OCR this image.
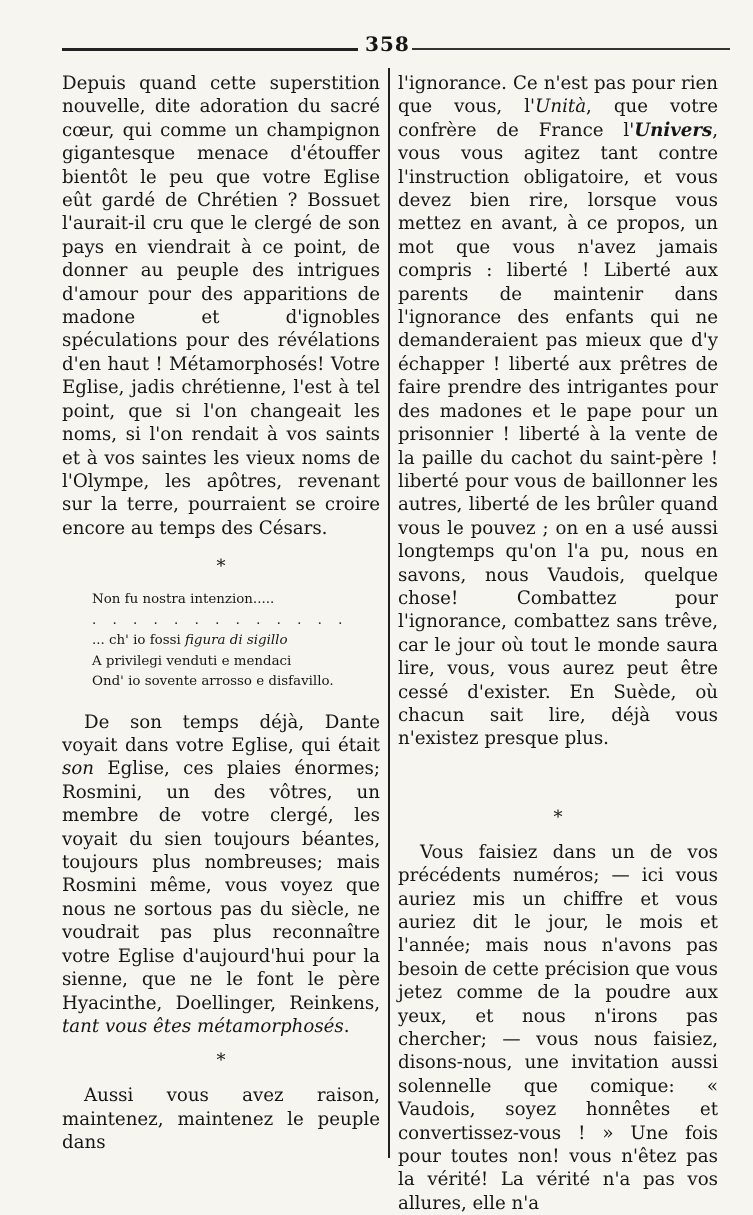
358

Depuis quand cette superstition nouvelle, dite adoration du sacré cœur, qui comme un champignon gigantesque menace d'étouffer bientôt le peu que votre Eglise eût gardé de Chrétien ? Bossuet l'aurait-il cru que le clergé de son pays en viendrait à ce point, de donner au peuple des intrigues d'amour pour des apparitions de madone et d'ignobles spéculations pour des révélations d'en haut ! Métamorphosés! Votre Eglise, jadis chrétienne, l'est à tel point, que si l'on changeait les noms, si l'on rendait à vos saints et à vos saintes les vieux noms de l'Olympe, les apôtres, revenant sur la terre, pourraient se croire encore au temps des Césars.

*
Non fu nostra intenzion.....
. . . . . . . . . . . . .
... ch' io fossi figura di sigillo
A privilegi venduti e mendaci
Ond' io sovente arrosso e disfavillo.

De son temps déjà, Dante voyait dans votre Eglise, qui était son Eglise, ces plaies énormes; Rosmini, un des vôtres, un membre de votre clergé, les voyait du sien toujours béantes, toujours plus nombreuses; mais Rosmini même, vous voyez que nous ne sortous pas du siècle, ne voudrait pas plus reconnaître votre Eglise d'aujourd'hui pour la sienne, que ne le font le père Hyacinthe, Doellinger, Reinkens, tant vous êtes métamorphosés.

*

Aussi vous avez raison, maintenez, maintenez le peuple dans

l'ignorance. Ce n'est pas pour rien que vous, l'Unità, que votre confrère de France l'Univers, vous vous agitez tant contre l'instruction obligatoire, et vous devez bien rire, lorsque vous mettez en avant, à ce propos, un mot que vous n'avez jamais compris : liberté ! Liberté aux parents de maintenir dans l'ignorance des enfants qui ne demanderaient pas mieux que d'y échapper ! liberté aux prêtres de faire prendre des intrigantes pour des madones et le pape pour un prisonnier ! liberté à la vente de la paille du cachot du saint-père ! liberté pour vous de baillonner les autres, liberté de les brûler quand vous le pouvez ; on en a usé aussi longtemps qu'on l'a pu, nous en savons, nous Vaudois, quelque chose! Combattez pour l'ignorance, combattez sans trêve, car le jour où tout le monde saura lire, vous, vous aurez peut être cessé d'exister. En Suède, où chacun sait lire, déjà vous n'existez presque plus.

*

Vous faisiez dans un de vos précédents numéros; — ici vous auriez mis un chiffre et vous auriez dit le jour, le mois et l'année; mais nous n'avons pas besoin de cette précision que vous jetez comme de la poudre aux yeux, et nous n'irons pas chercher; — vous nous faisiez, disons-nous, une invitation aussi solennelle que comique: « Vaudois, soyez honnêtes et convertissez-vous ! » Une fois pour toutes non! vous n'êtez pas la vérité! La vérité n'a pas vos allures, elle n'a
